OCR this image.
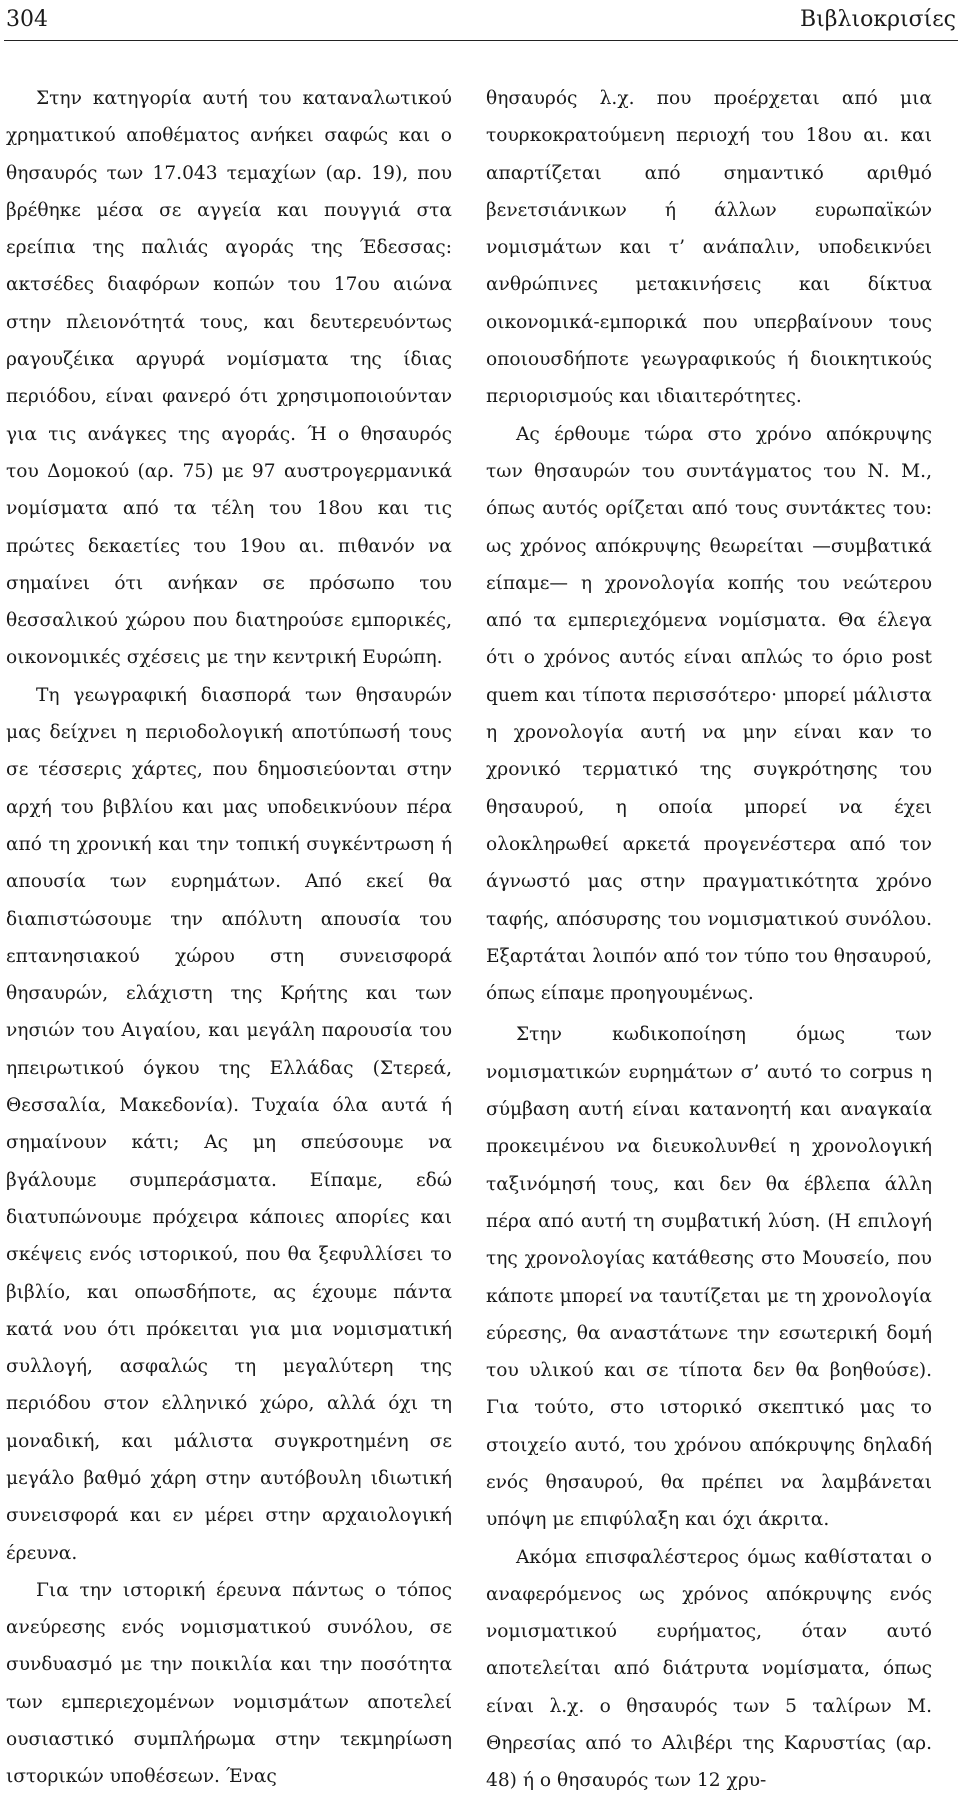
304	Βιβλιοκρισίες

Στην κατηγορία αυτή του καταναλωτικού χρηματικού αποθέματος ανήκει σαφώς και ο θησαυρός των 17.043 τεμαχίων (αρ. 19), που βρέθηκε μέσα σε αγγεία και πουγγιά στα ερείπια της παλιάς αγοράς της Έδεσσας: ακτσέδες διαφόρων κοπών του 17ου αιώνα στην πλειονότητά τους, και δευτερευόντως ραγουζέικα αργυρά νομίσματα της ίδιας περιόδου, είναι φανερό ότι χρησιμοποιούνταν για τις ανάγκες της αγοράς. Ή ο θησαυρός του Δομοκού (αρ. 75) με 97 αυστρογερμανικά νομίσματα από τα τέλη του 18ου και τις πρώτες δεκαετίες του 19ου αι. πιθανόν να σημαίνει ότι ανήκαν σε πρόσωπο του θεσσαλικού χώρου που διατηρούσε εμπορικές, οικονομικές σχέσεις με την κεντρική Ευρώπη.

Τη γεωγραφική διασπορά των θησαυρών μας δείχνει η περιοδολογική αποτύπωσή τους σε τέσσερις χάρτες, που δημοσιεύονται στην αρχή του βιβλίου και μας υποδεικνύουν πέρα από τη χρονική και την τοπική συγκέντρωση ή απουσία των ευρημάτων. Από εκεί θα διαπιστώσουμε την απόλυτη απουσία του επτανησιακού χώρου στη συνεισφορά θησαυρών, ελάχιστη της Κρήτης και των νησιών του Αιγαίου, και μεγάλη παρουσία του ηπειρωτικού όγκου της Ελλάδας (Στερεά, Θεσσαλία, Μακεδονία). Τυχαία όλα αυτά ή σημαίνουν κάτι; Ας μη σπεύσουμε να βγάλουμε συμπεράσματα. Είπαμε, εδώ διατυπώνουμε πρόχειρα κάποιες απορίες και σκέψεις ενός ιστορικού, που θα ξεφυλλίσει το βιβλίο, και οπωσδήποτε, ας έχουμε πάντα κατά νου ότι πρόκειται για μια νομισματική συλλογή, ασφαλώς τη μεγαλύτερη της περιόδου στον ελληνικό χώρο, αλλά όχι τη μοναδική, και μάλιστα συγκροτημένη σε μεγάλο βαθμό χάρη στην αυτόβουλη ιδιωτική συνεισφορά και εν μέρει στην αρχαιολογική έρευνα.

Για την ιστορική έρευνα πάντως ο τόπος ανεύρεσης ενός νομισματικού συνόλου, σε συνδυασμό με την ποικιλία και την ποσότητα των εμπεριεχομένων νομισμάτων αποτελεί ουσιαστικό συμπλήρωμα στην τεκμηρίωση ιστορικών υποθέσεων. Ένας

θησαυρός λ.χ. που προέρχεται από μια τουρκοκρατούμενη περιοχή του 18ου αι. και απαρτίζεται από σημαντικό αριθμό βενετσιάνικων ή άλλων ευρωπαϊκών νομισμάτων και τ’ ανάπαλιν, υποδεικνύει ανθρώπινες μετακινήσεις και δίκτυα οικονομικά-εμπορικά που υπερβαίνουν τους οποιουσδήποτε γεωγραφικούς ή διοικητικούς περιορισμούς και ιδιαιτερότητες.

Ας έρθουμε τώρα στο χρόνο απόκρυψης των θησαυρών του συντάγματος του Ν. Μ., όπως αυτός ορίζεται από τους συντάκτες του: ως χρόνος απόκρυψης θεωρείται —συμβατικά είπαμε— η χρονολογία κοπής του νεώτερου από τα εμπεριεχόμενα νομίσματα. Θα έλεγα ότι ο χρόνος αυτός είναι απλώς το όριο post quem και τίποτα περισσότερο· μπορεί μάλιστα η χρονολογία αυτή να μην είναι καν το χρονικό τερματικό της συγκρότησης του θησαυρού, η οποία μπορεί να έχει ολοκληρωθεί αρκετά προγενέστερα από τον άγνωστό μας στην πραγματικότητα χρόνο ταφής, απόσυρσης του νομισματικού συνόλου. Εξαρτάται λοιπόν από τον τύπο του θησαυρού, όπως είπαμε προηγουμένως.

Στην κωδικοποίηση όμως των νομισματικών ευρημάτων σ’ αυτό το corpus η σύμβαση αυτή είναι κατανοητή και αναγκαία προκειμένου να διευκολυνθεί η χρονολογική ταξινόμησή τους, και δεν θα έβλεπα άλλη πέρα από αυτή τη συμβατική λύση. (Η επιλογή της χρονολογίας κατάθεσης στο Μουσείο, που κάποτε μπορεί να ταυτίζεται με τη χρονολογία εύρεσης, θα αναστάτωνε την εσωτερική δομή του υλικού και σε τίποτα δεν θα βοηθούσε). Για τούτο, στο ιστορικό σκεπτικό μας το στοιχείο αυτό, του χρόνου απόκρυψης δηλαδή ενός θησαυρού, θα πρέπει να λαμβάνεται υπόψη με επιφύλαξη και όχι άκριτα.

Ακόμα επισφαλέστερος όμως καθίσταται ο αναφερόμενος ως χρόνος απόκρυψης ενός νομισματικού ευρήματος, όταν αυτό αποτελείται από διάτρυτα νομίσματα, όπως είναι λ.χ. ο θησαυρός των 5 ταλίρων Μ. Θηρεσίας από το Αλιβέρι της Καρυστίας (αρ. 48) ή ο θησαυρός των 12 χρυ-
